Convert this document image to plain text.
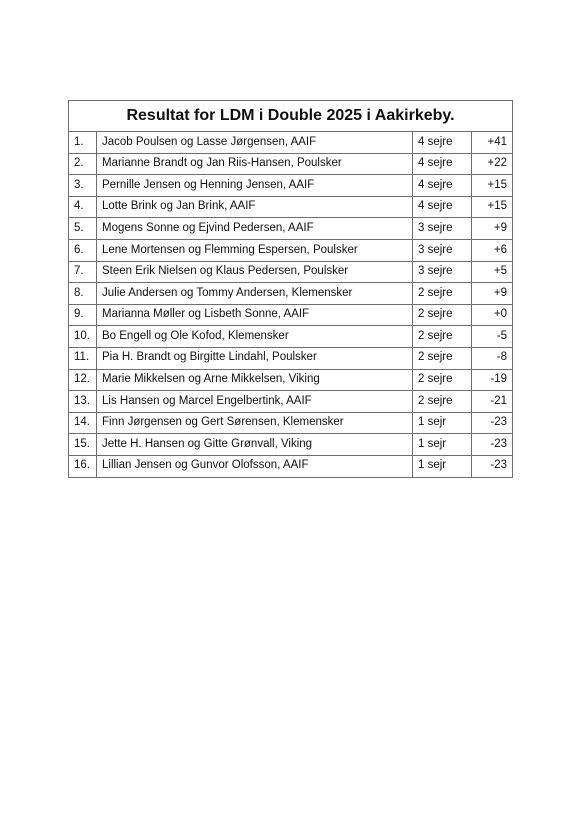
Resultat for LDM i Double 2025 i Aakirkeby.			
1.	Jacob Poulsen og Lasse Jørgensen, AAIF	4 sejre	+41
2.	Marianne Brandt og Jan Riis-Hansen, Poulsker	4 sejre	+22
3.	Pernille Jensen og Henning Jensen, AAIF	4 sejre	+15
4.	Lotte Brink og Jan Brink, AAIF	4 sejre	+15
5.	Mogens Sonne og Ejvind Pedersen, AAIF	3 sejre	+9
6.	Lene Mortensen og Flemming Espersen, Poulsker	3 sejre	+6
7.	Steen Erik Nielsen og Klaus Pedersen, Poulsker	3 sejre	+5
8.	Julie Andersen og Tommy Andersen, Klemensker	2 sejre	+9
9.	Marianna Møller og Lisbeth Sonne, AAIF	2 sejre	+0
10.	Bo Engell og Ole Kofod, Klemensker	2 sejre	-5
11.	Pia H. Brandt og Birgitte Lindahl, Poulsker	2 sejre	-8
12.	Marie Mikkelsen og Arne Mikkelsen, Viking	2 sejre	-19
13.	Lis Hansen og Marcel Engelbertink, AAIF	2 sejre	-21
14.	Finn Jørgensen og Gert Sørensen, Klemensker	1 sejr	-23
15.	Jette H. Hansen og Gitte Grønvall, Viking	1 sejr	-23
16.	Lillian Jensen og Gunvor Olofsson, AAIF	1 sejr	-23
